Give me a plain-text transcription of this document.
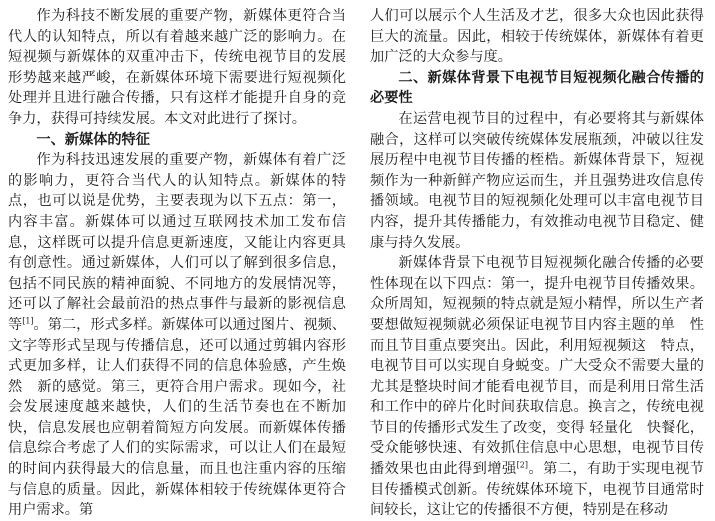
作为科技不断发展的重要产物，新媒体更符合当代人的认知特点，所以有着越来越广泛的影响力。在短视频与新媒体的双重冲击下，传统电视节目的发展形势越来越严峻，在新媒体环境下需要进行短视频化处理并且进行融合传播，只有这样才能提升自身的竞争力，获得可持续发展。本文对此进行了探讨。

一、新媒体的特征

作为科技迅速发展的重要产物，新媒体有着广泛的影响力，更符合当代人的认知特点。新媒体的特点，也可以说是优势，主要表现为以下五点：第一，内容丰富。新媒体可以通过互联网技术加工发布信息，这样既可以提升信息更新速度，又能让内容更具有创意性。通过新媒体，人们可以了解到很多信息，包括不同民族的精神面貌、不同地方的发展情况等，还可以了解社会最前沿的热点事件与最新的影视信息等[1]。第二，形式多样。新媒体可以通过图片、视频、文字等形式呈现与传播信息，还可以通过剪辑内容形式更加多样，让人们获得不同的信息体验感，产生焕然　新的感觉。第三，更符合用户需求。现如今，社会发展速度越来越快，人们的生活节奏也在不断加快，信息发展也应朝着简短方向发展。而新媒体传播信息综合考虑了人们的实际需求，可以让人们在最短的时间内获得最大的信息量，而且也注重内容的压缩与信息的质量。因此，新媒体相较于传统媒体更符合用户需求。第

人们可以展示个人生活及才艺，很多大众也因此获得巨大的流量。因此，相较于传统媒体，新媒体有着更加广泛的大众参与度。

二、新媒体背景下电视节目短视频化融合传播的必要性

在运营电视节目的过程中，有必要将其与新媒体融合，这样可以突破传统媒体发展瓶颈，冲破以往发展历程中电视节目传播的桎梏。新媒体背景下，短视频作为一种新鲜产物应运而生，并且强势进攻信息传播领域。电视节目的短视频化处理可以丰富电视节目内容，提升其传播能力，有效推动电视节目稳定、健康与持久发展。

新媒体背景下电视节目短视频化融合传播的必要性体现在以下四点：第一，提升电视节目传播效果。众所周知，短视频的特点就是短小精悍，所以生产者要想做短视频就必须保证电视节目内容主题的单　性而且节目重点要突出。因此，利用短视频这　特点，电视节目可以实现自身蜕变。广大受众不需要大量的尤其是整块时间才能看电视节目，而是利用日常生活和工作中的碎片化时间获取信息。换言之，传统电视节目的传播形式发生了改变，变得 轻量化　快餐化，受众能够快速、有效抓住信息中心思想，电视节目传播效果也由此得到增强[2]。第二，有助于实现电视节目传播模式创新。传统媒体环境下，电视节目通常时间较长，这让它的传播很不方便，特别是在移动
